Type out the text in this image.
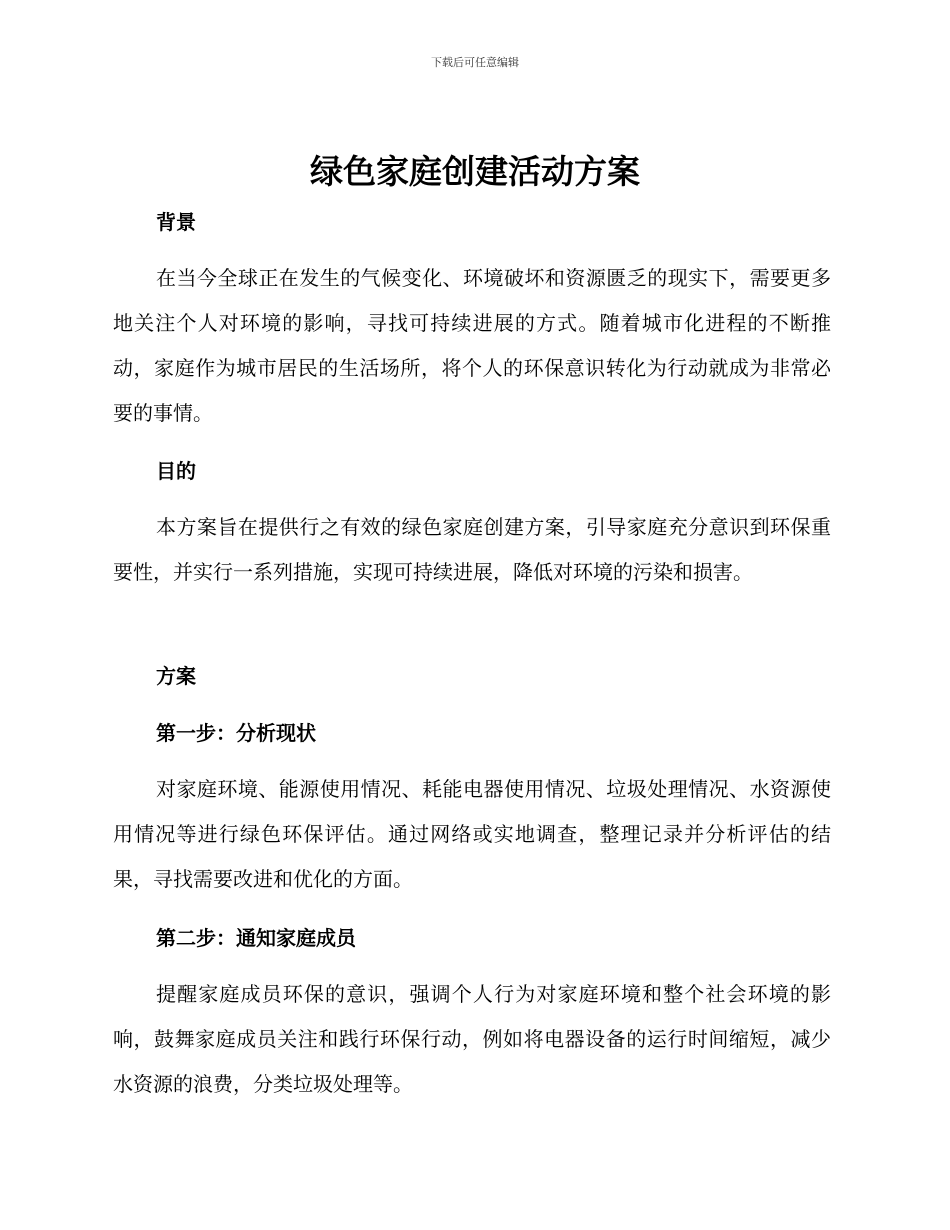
下载后可任意编辑
绿色家庭创建活动方案
背景

在当今全球正在发生的气候变化、环境破坏和资源匮乏的现实下，需要更多地关注个人对环境的影响，寻找可持续进展的方式。随着城市化进程的不断推动，家庭作为城市居民的生活场所，将个人的环保意识转化为行动就成为非常必要的事情。

目的

本方案旨在提供行之有效的绿色家庭创建方案，引导家庭充分意识到环保重要性，并实行一系列措施，实现可持续进展，降低对环境的污染和损害。

方案
第一步：分析现状

对家庭环境、能源使用情况、耗能电器使用情况、垃圾处理情况、水资源使用情况等进行绿色环保评估。通过网络或实地调查，整理记录并分析评估的结果，寻找需要改进和优化的方面。

第二步：通知家庭成员

提醒家庭成员环保的意识，强调个人行为对家庭环境和整个社会环境的影响，鼓舞家庭成员关注和践行环保行动，例如将电器设备的运行时间缩短，减少水资源的浪费，分类垃圾处理等。
